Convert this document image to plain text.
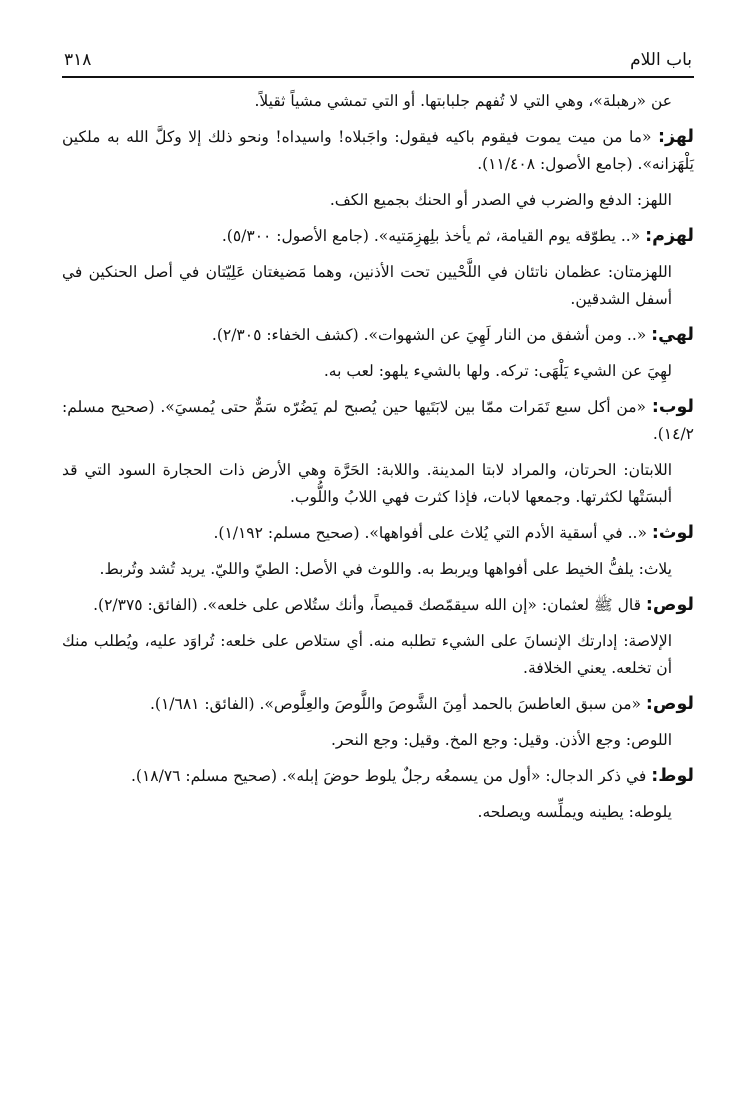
باب اللام
٣١٨

عن «رهبلة»، وهي التي لا تُفهم جلبابتها. أو التي تمشي مشياً ثقيلاً.

لهز: «ما من ميت يموت فيقوم باكيه فيقول: واجَبلاه! واسيداه! ونحو ذلك إلا وكلَّ الله به ملكين يَلْهَزانه». (جامع الأصول: ١١/٤٠٨).

اللهز: الدفع والضرب في الصدر أو الحنك بجميع الكف.

لهزم: «.. يطوّقه يوم القيامة، ثم يأخذ بلِهزِمَتيه». (جامع الأصول: ٥/٣٠٠).

اللهزمتان: عظمان ناتئان في اللَّحْيين تحت الأذنين، وهما مَضيغتان عَلِيّتان في أصل الحنكين في أسفل الشدقين.

لهي: «.. ومن أشفق من النار لَهِيَ عن الشهوات». (كشف الخفاء: ٢/٣٠٥).

لهِيَ عن الشيء يَلْهَى: تركه. ولها بالشيء يلهو: لعب به.

لوب: «من أكل سبع تَمَرات ممّا بين لابَتَيها حين يُصبح لم يَضُرّه سَمٌّ حتى يُمسيَ». (صحيح مسلم: ١٤/٢).

اللابتان: الحرتان، والمراد لابتا المدينة. واللابة: الحَرَّة وهي الأرض ذات الحجارة السود التي قد ألبسَتْها لكثرتها. وجمعها لابات، فإذا كثرت فهي اللابُ واللُّوب.

لوث: «.. في أسقية الأدم التي يُلاث على أفواهها». (صحيح مسلم: ١/١٩٢).

يلاث: يلفُّ الخيط على أفواهها ويربط به. واللوث في الأصل: الطيّ والليّ. يريد تُشد وتُربط.

لوص: قال ﷺ لعثمان: «إن الله سيقمّصك قميصاً، وأنك ستُلاص على خلعه». (الفائق: ٢/٣٧٥).

الإلاصة: إدارتك الإنسانَ على الشيء تطلبه منه. أي ستلاص على خلعه: تُراوَد عليه، ويُطلب منك أن تخلعه. يعني الخلافة.

لوص: «من سبق العاطسَ بالحمد أمِنَ الشَّوصَ واللَّوصَ والعِلَّوص». (الفائق: ١/٦٨١).

اللوص: وجع الأذن. وقيل: وجع المخ. وقيل: وجع النحر.

لوط: في ذكر الدجال: «أول من يسمعُه رجلٌ يلوط حوضَ إبله». (صحيح مسلم: ١٨/٧٦).

يلوطه: يطينه ويملِّسه ويصلحه.
